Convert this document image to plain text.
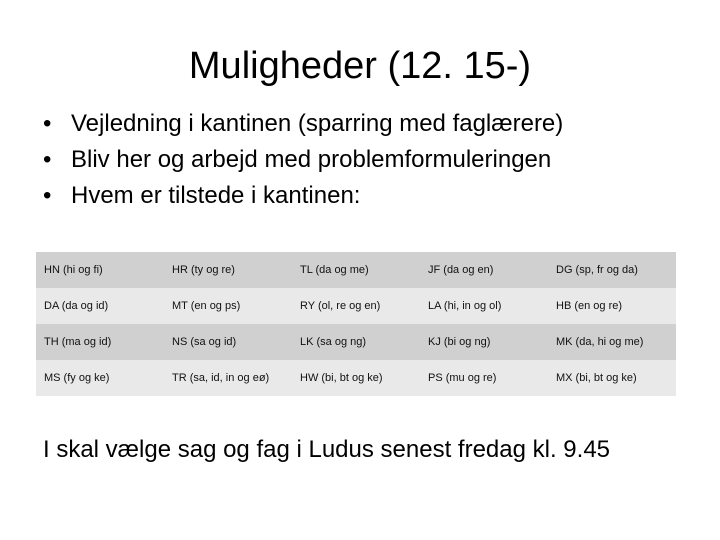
Muligheder (12. 15-)
• Vejledning i kantinen (sparring med faglærere)
• Bliv her og arbejd med problemformuleringen
• Hvem er tilstede i kantinen:
HN (hi og fi)	HR (ty og re)	TL (da og me)	JF (da og en)	DG (sp, fr og da)
DA (da og id)	MT (en og ps)	RY (ol, re og en)	LA (hi, in og ol)	HB (en og re)
TH (ma og id)	NS (sa og id)	LK (sa og ng)	KJ (bi og ng)	MK (da, hi og me)
MS (fy og ke)	TR (sa, id, in og eø)	HW (bi, bt og ke)	PS (mu og re)	MX (bi, bt og ke)
I skal vælge sag og fag i Ludus senest fredag kl. 9.45
